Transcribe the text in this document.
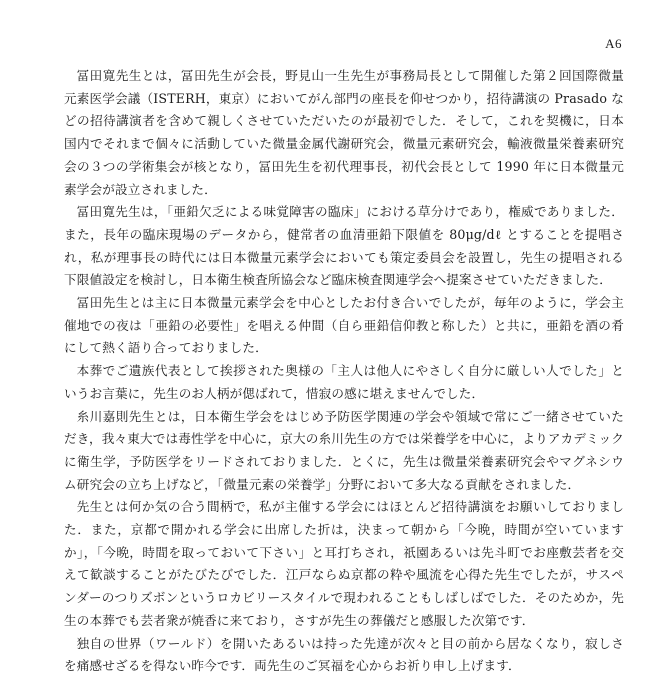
A6

冨田寛先生とは，冨田先生が会長，野見山一生先生が事務局長として開催した第２回国際微量元素医学会議（ISTERH，東京）においてがん部門の座長を仰せつかり，招待講演の Prasado などの招待講演者を含めて親しくさせていただいたのが最初でした．そして，これを契機に，日本国内でそれまで個々に活動していた微量金属代謝研究会，微量元素研究会，輸液微量栄養素研究会の３つの学術集会が核となり，冨田先生を初代理事長，初代会長として 1990 年に日本微量元素学会が設立されました．

冨田寛先生は，「亜鉛欠乏による味覚障害の臨床」における草分けであり，権威でありました．また，長年の臨床現場のデータから，健常者の血清亜鉛下限値を 80μg/dℓ とすることを提唱され，私が理事長の時代には日本微量元素学会においても策定委員会を設置し，先生の提唱される下限値設定を検討し，日本衛生検査所協会など臨床検査関連学会へ提案させていただきました．

冨田先生とは主に日本微量元素学会を中心としたお付き合いでしたが，毎年のように，学会主催地での夜は「亜鉛の必要性」を唱える仲間（自ら亜鉛信仰教と称した）と共に，亜鉛を酒の肴にして熱く語り合っておりました．

本葬でご遺族代表として挨拶された奥様の「主人は他人にやさしく自分に厳しい人でした」というお言葉に，先生のお人柄が偲ばれて，惜寂の感に堪えませんでした．

糸川嘉則先生とは，日本衛生学会をはじめ予防医学関連の学会や領域で常にご一緒させていただき，我々東大では毒性学を中心に，京大の糸川先生の方では栄養学を中心に，よりアカデミックに衛生学，予防医学をリードされておりました．とくに，先生は微量栄養素研究会やマグネシウム研究会の立ち上げなど，「微量元素の栄養学」分野において多大なる貢献をされました．

先生とは何か気の合う間柄で，私が主催する学会にはほとんど招待講演をお願いしておりました．また，京都で開かれる学会に出席した折は，決まって朝から「今晩，時間が空いていますか」，「今晩，時間を取っておいて下さい」と耳打ちされ，祇園あるいは先斗町でお座敷芸者を交えて歓談することがたびたびでした．江戸ならぬ京都の粋や風流を心得た先生でしたが，サスペンダーのつりズボンというロカビリースタイルで現われることもしばしばでした．そのためか，先生の本葬でも芸者衆が焼香に来ており，さすが先生の葬儀だと感服した次第です．

独自の世界（ワールド）を開いたあるいは持った先達が次々と目の前から居なくなり，寂しさを痛感せざるを得ない昨今です．両先生のご冥福を心からお祈り申し上げます．
